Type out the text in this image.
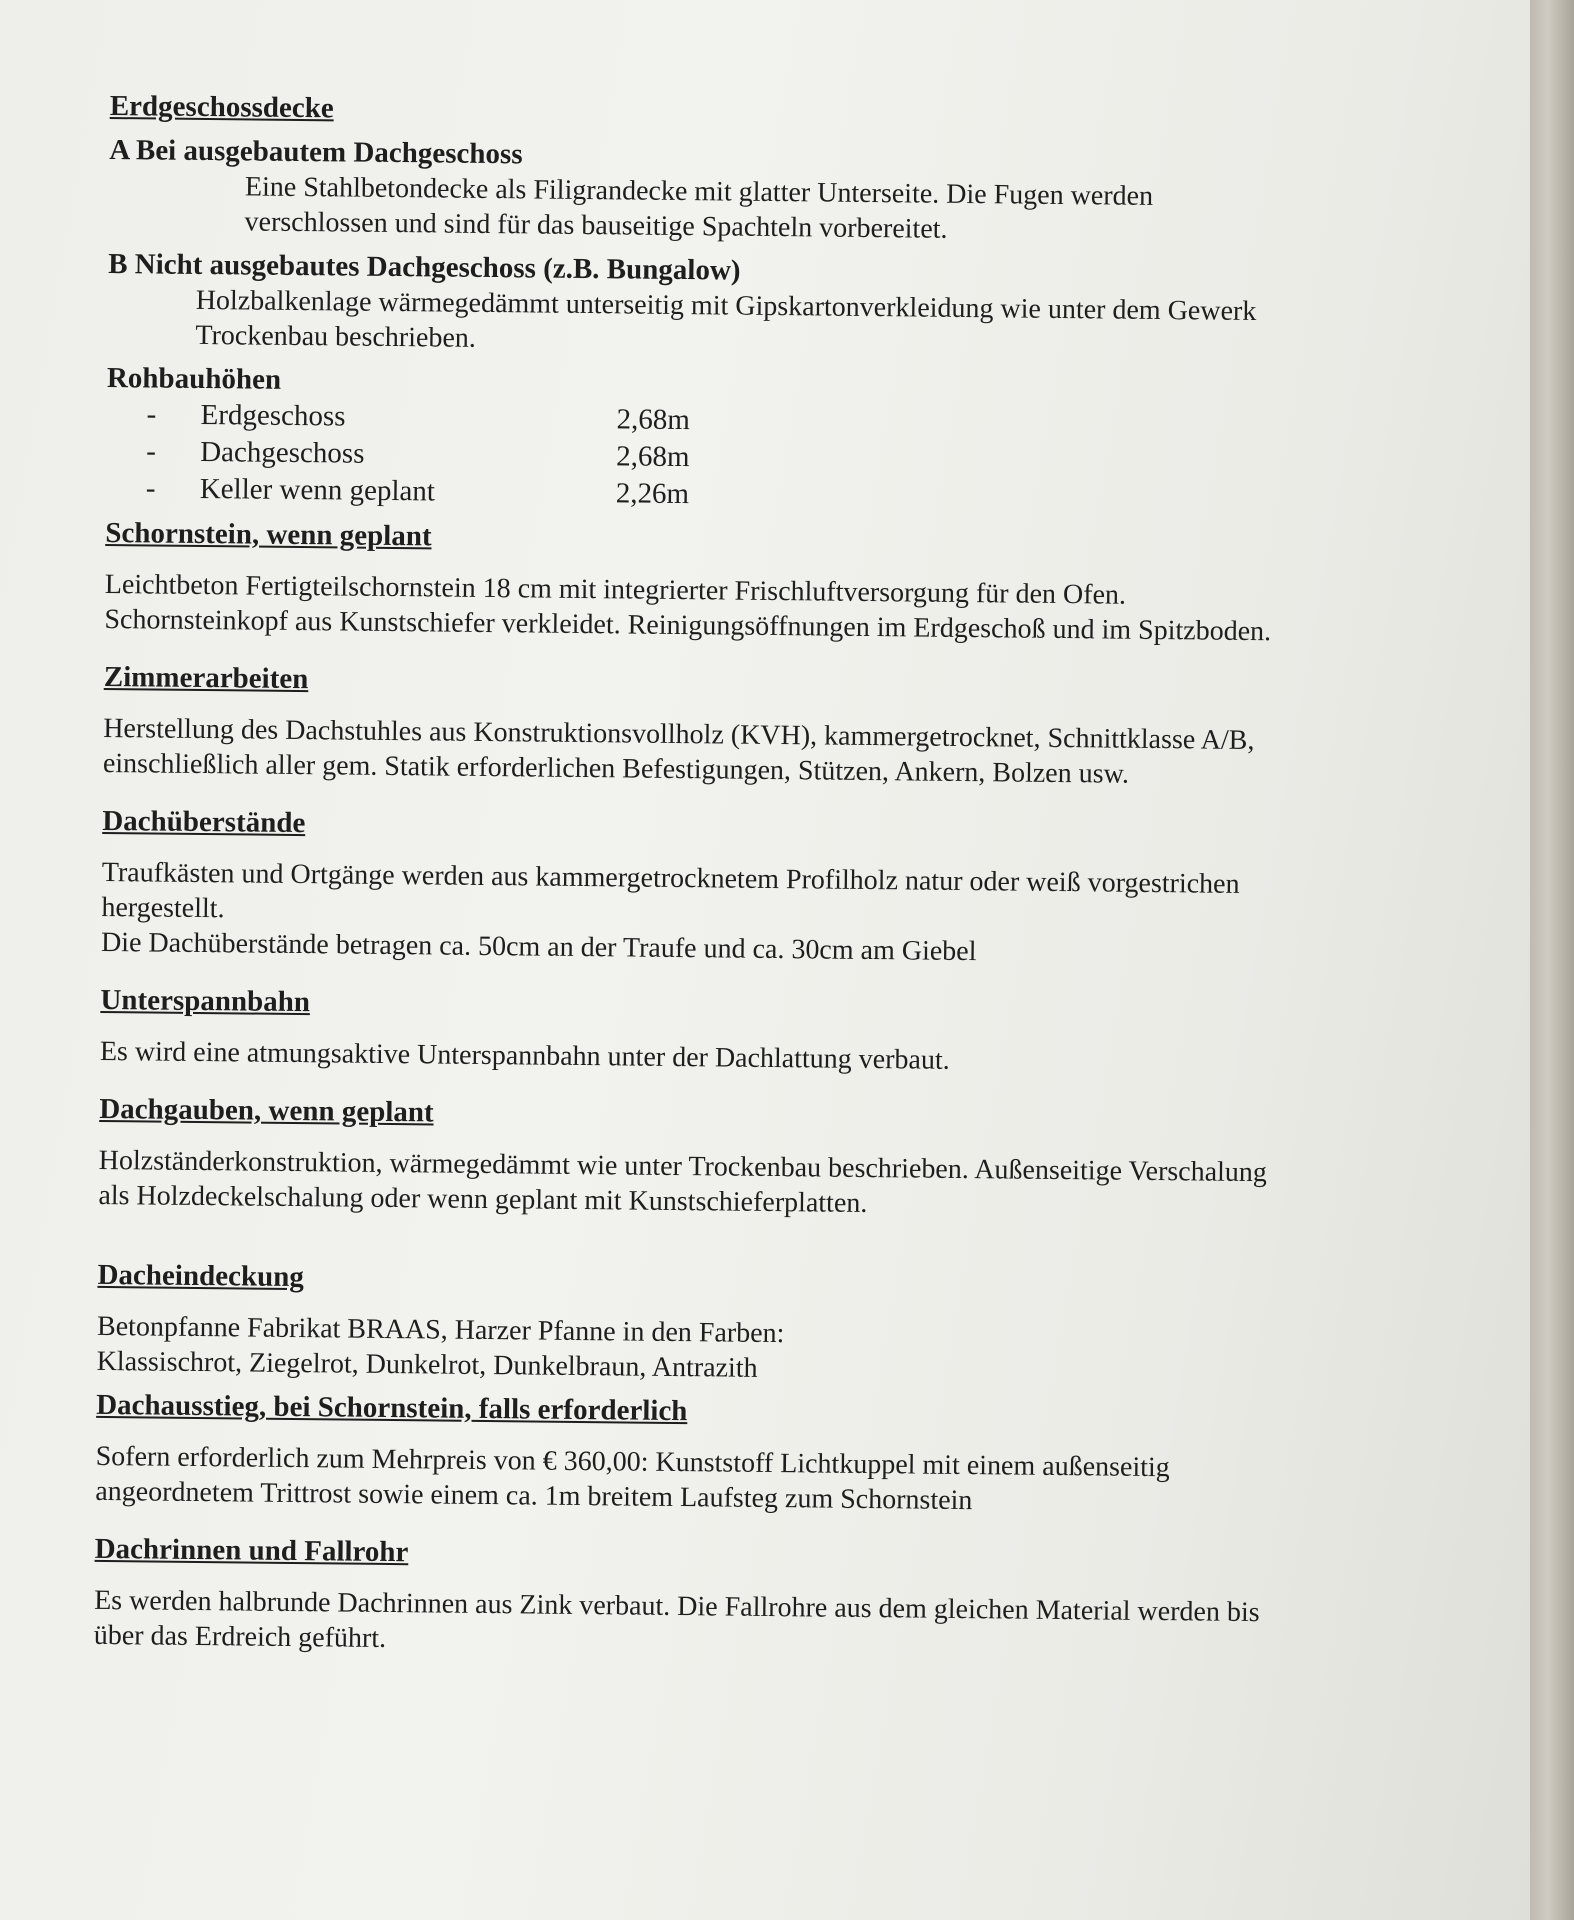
Erdgeschossdecke
A Bei ausgebautem Dachgeschoss

Eine Stahlbetondecke als Filigrandecke mit glatter Unterseite. Die Fugen werden verschlossen und sind für das bauseitige Spachteln vorbereitet.

B Nicht ausgebautes Dachgeschoss (z.B. Bungalow)

Holzbalkenlage wärmegedämmt unterseitig mit Gipskartonverkleidung wie unter dem Gewerk Trockenbau beschrieben.

Rohbauhöhen
-	Erdgeschoss	2,68m
-	Dachgeschoss	2,68m
-	Keller wenn geplant	2,26m
Schornstein, wenn geplant

Leichtbeton Fertigteilschornstein 18 cm mit integrierter Frischluftversorgung für den Ofen. Schornsteinkopf aus Kunstschiefer verkleidet. Reinigungsöffnungen im Erdgeschoß und im Spitzboden.

Zimmerarbeiten

Herstellung des Dachstuhles aus Konstruktionsvollholz (KVH), kammergetrocknet, Schnittklasse A/B, einschließlich aller gem. Statik erforderlichen Befestigungen, Stützen, Ankern, Bolzen usw.

Dachüberstände

Traufkästen und Ortgänge werden aus kammergetrocknetem Profilholz natur oder weiß vorgestrichen hergestellt.

Die Dachüberstände betragen ca. 50cm an der Traufe und ca. 30cm am Giebel

Unterspannbahn

Es wird eine atmungsaktive Unterspannbahn unter der Dachlattung verbaut.

Dachgauben, wenn geplant

Holzständerkonstruktion, wärmegedämmt wie unter Trockenbau beschrieben. Außenseitige Verschalung als Holzdeckelschalung oder wenn geplant mit Kunstschieferplatten.

Dacheindeckung

Betonpfanne Fabrikat BRAAS, Harzer Pfanne in den Farben:

Klassischrot, Ziegelrot, Dunkelrot, Dunkelbraun, Antrazith

Dachausstieg, bei Schornstein, falls erforderlich

Sofern erforderlich zum Mehrpreis von € 360,00: Kunststoff Lichtkuppel mit einem außenseitig angeordnetem Trittrost sowie einem ca. 1m breitem Laufsteg zum Schornstein

Dachrinnen und Fallrohr

Es werden halbrunde Dachrinnen aus Zink verbaut. Die Fallrohre aus dem gleichen Material werden bis über das Erdreich geführt.
